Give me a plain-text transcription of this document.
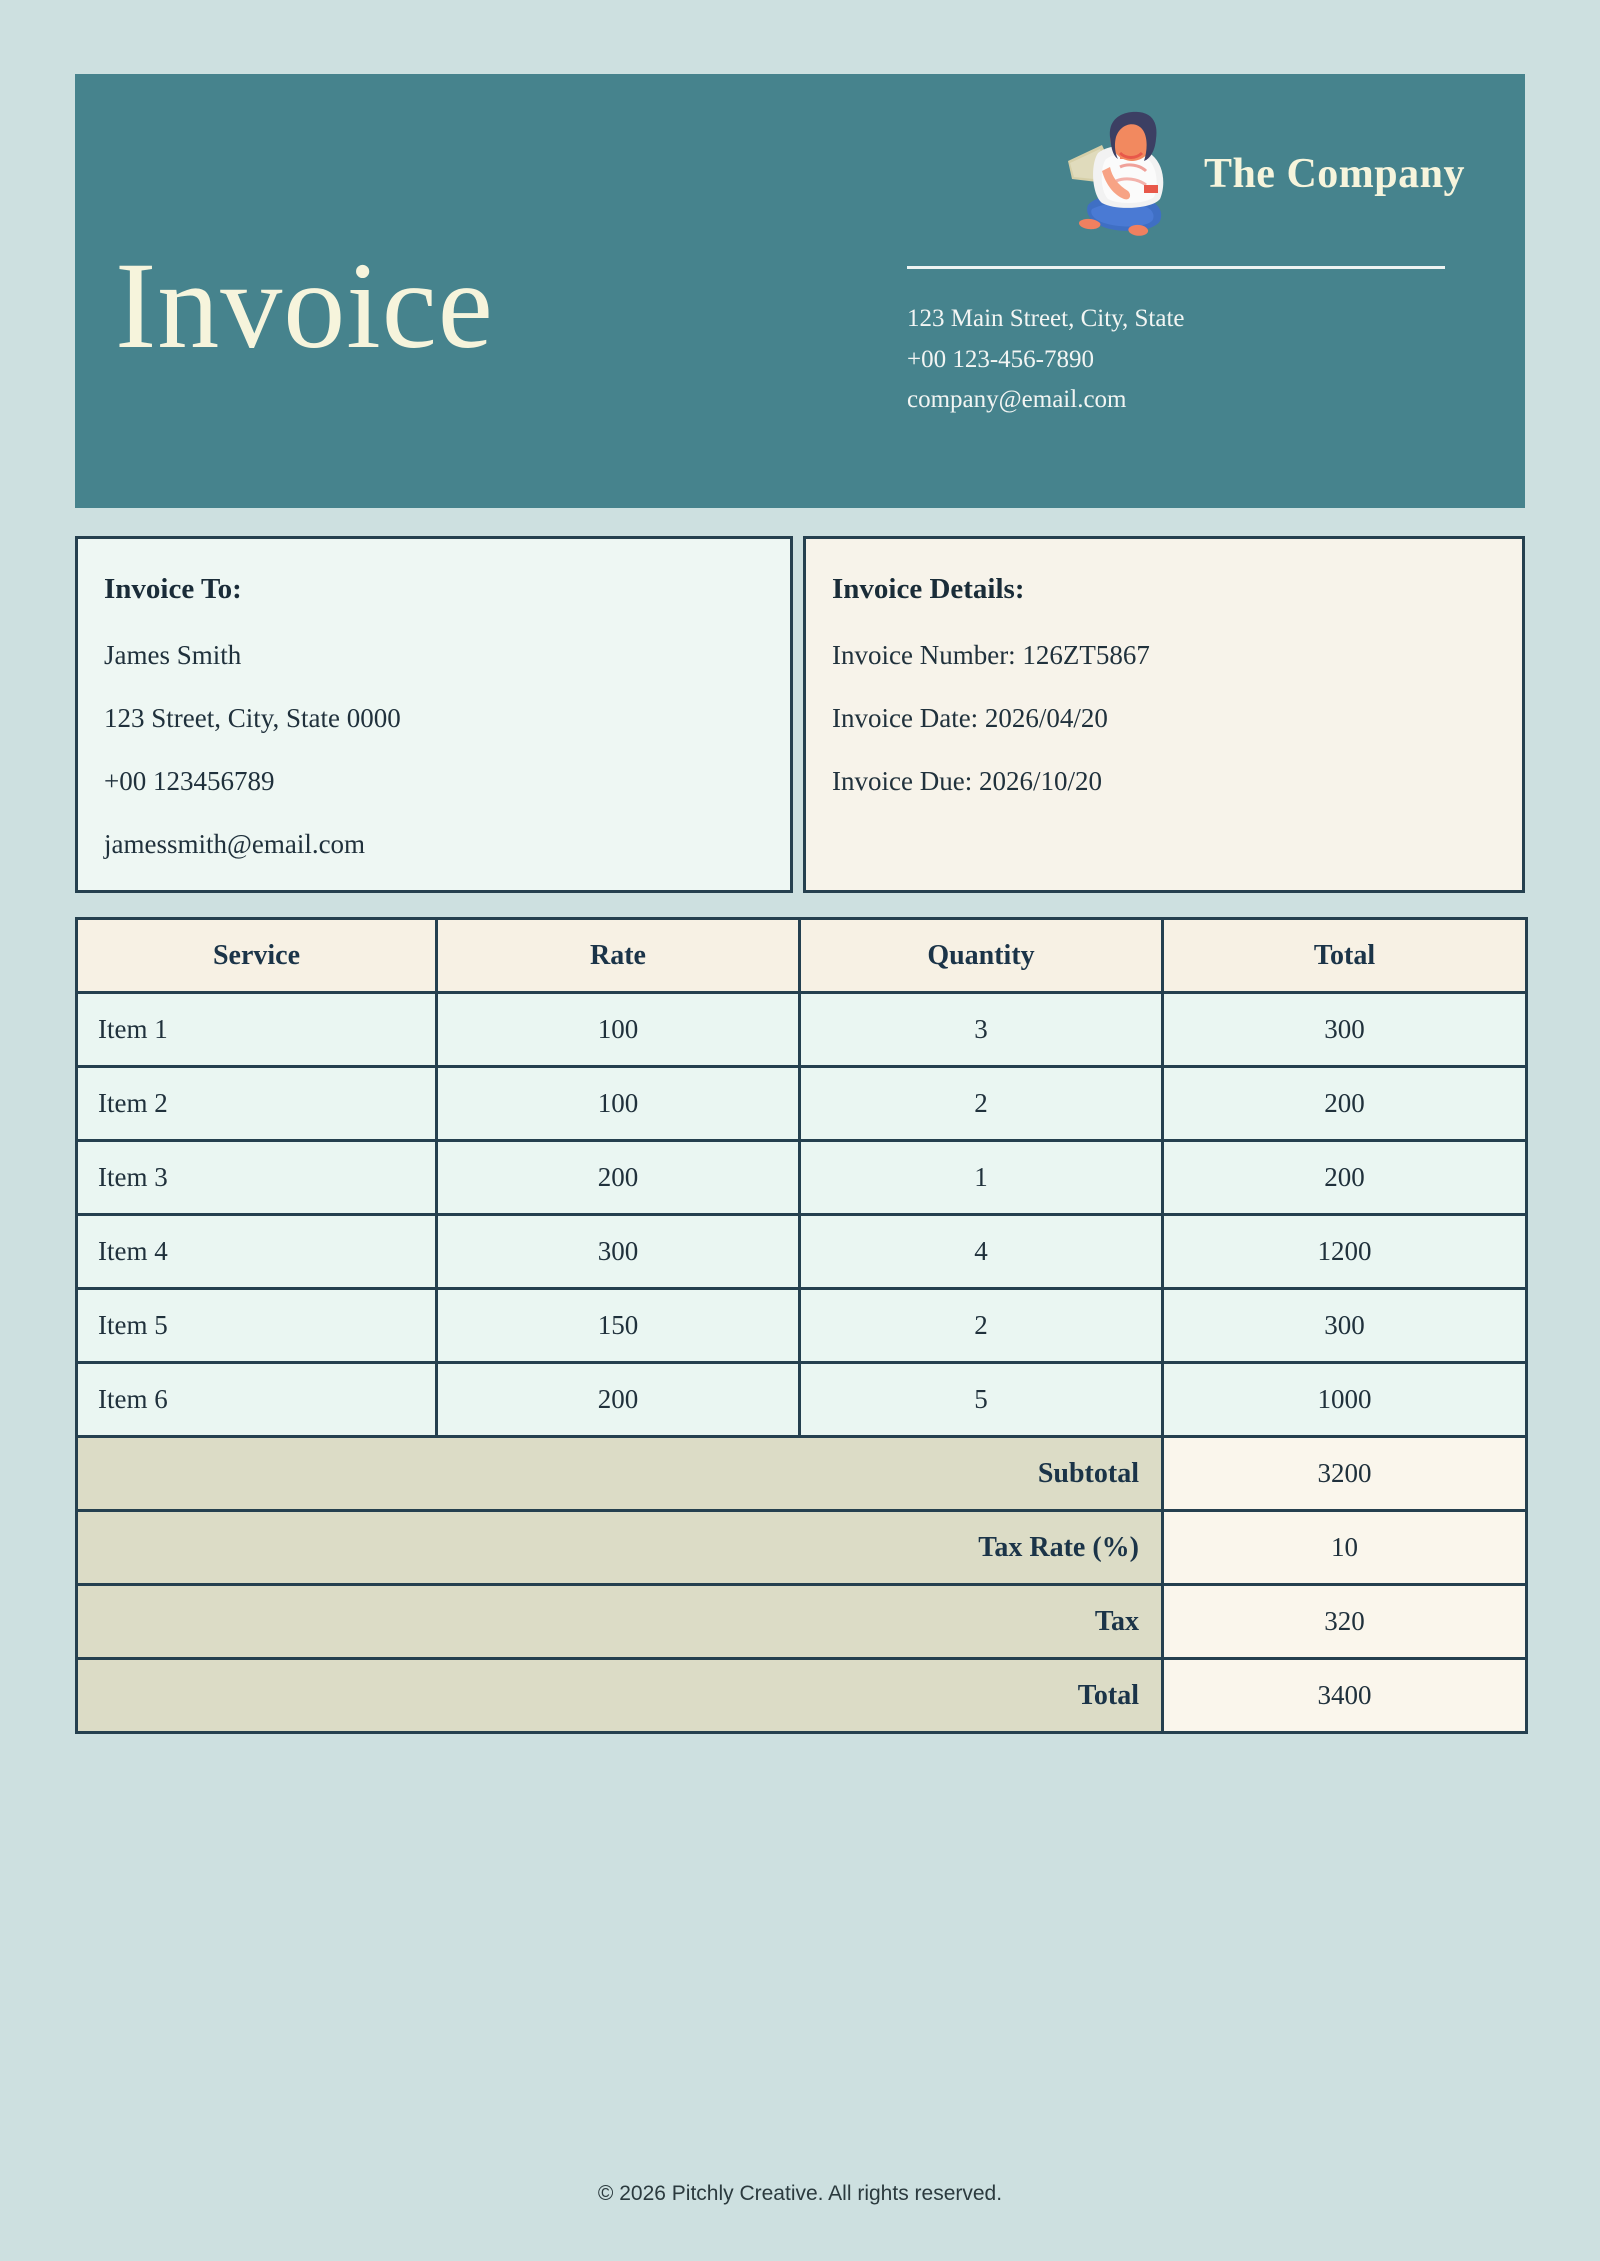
Invoice
The Company
123 Main Street, City, State
+00 123-456-7890
company@email.com
Invoice To:
James Smith
123 Street, City, State 0000
+00 123456789
jamessmith@email.com
Invoice Details:
Invoice Number: 126ZT5867
Invoice Date: 2026/04/20
Invoice Due: 2026/10/20
Service	Rate	Quantity	Total
Item 1	100	3	300
Item 2	100	2	200
Item 3	200	1	200
Item 4	300	4	1200
Item 5	150	2	300
Item 6	200	5	1000
Subtotal			3200
Tax Rate (%)			10
Tax			320
Total			3400
© 2026 Pitchly Creative. All rights reserved.
